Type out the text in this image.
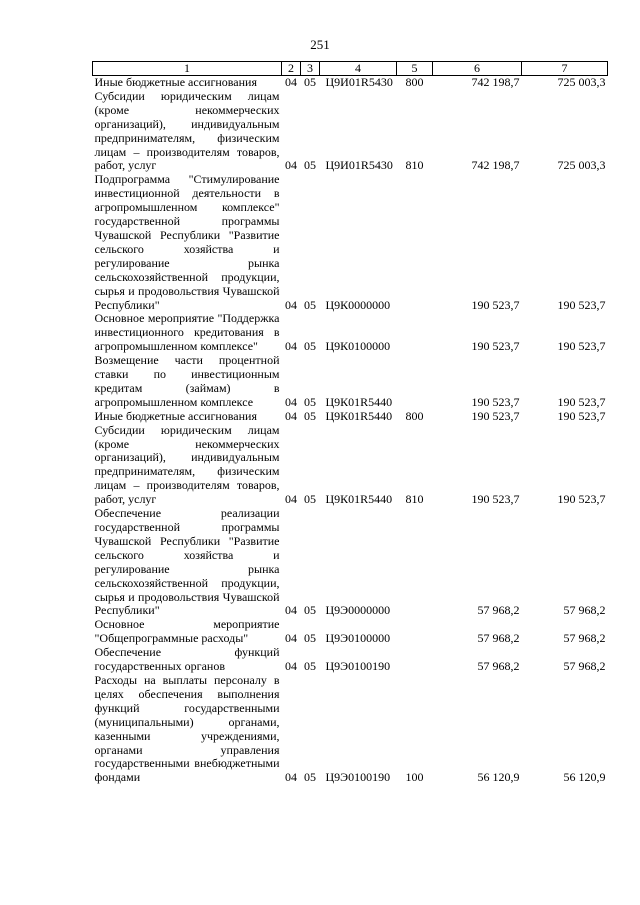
251
1	2	3	4	5	6	7
Иные бюджетные ассигнования	04	05	Ц9И01R5430	800	742 198,7	725 003,3
Субсидии юридическим лицам (кроме некоммерческих организаций), индивидуальным предпринимателям, физическим лицам – производителям товаров, работ, услуг	04	05	Ц9И01R5430	810	742 198,7	725 003,3
Подпрограмма "Стимулирование инвестиционной деятельности в агропромышленном комплексе" государственной программы Чувашской Республики "Развитие сельского хозяйства и регулирование рынка сельскохозяйственной продукции, сырья и продовольствия Чувашской Республики"	04	05	Ц9К0000000		190 523,7	190 523,7
Основное мероприятие "Поддержка инвестиционного кредитования в агропромышленном комплексе"	04	05	Ц9К0100000		190 523,7	190 523,7
Возмещение части процентной ставки по инвестиционным кредитам (займам) в агропромышленном комплексе	04	05	Ц9К01R5440		190 523,7	190 523,7
Иные бюджетные ассигнования	04	05	Ц9К01R5440	800	190 523,7	190 523,7
Субсидии юридическим лицам (кроме некоммерческих организаций), индивидуальным предпринимателям, физическим лицам – производителям товаров, работ, услуг	04	05	Ц9К01R5440	810	190 523,7	190 523,7
Обеспечение реализации государственной программы Чувашской Республики "Развитие сельского хозяйства и регулирование рынка сельскохозяйственной продукции, сырья и продовольствия Чувашской Республики"	04	05	Ц9Э0000000		57 968,2	57 968,2
Основное мероприятие "Общепрограммные расходы"	04	05	Ц9Э0100000		57 968,2	57 968,2
Обеспечение функций государственных органов	04	05	Ц9Э0100190		57 968,2	57 968,2
Расходы на выплаты персоналу в целях обеспечения выполнения функций государственными (муниципальными) органами, казенными учреждениями, органами управления государственными внебюджетными фондами	04	05	Ц9Э0100190	100	56 120,9	56 120,9
